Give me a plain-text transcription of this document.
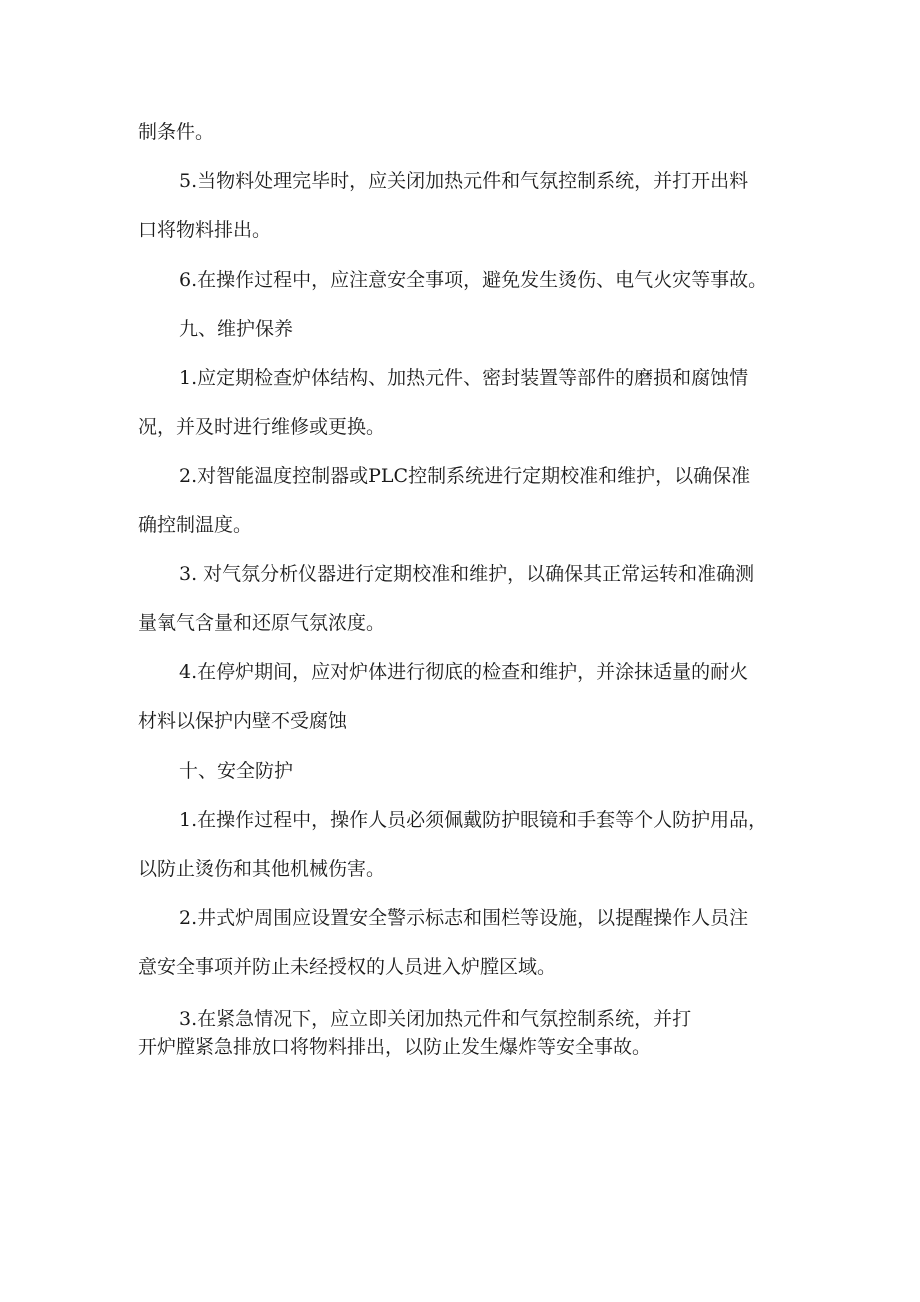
制条件。
5.当物料处理完毕时，应关闭加热元件和气氛控制系统，并打开出料
口将物料排出。
6.在操作过程中，应注意安全事项，避免发生烫伤、电气火灾等事故。
九、维护保养
1.应定期检查炉体结构、加热元件、密封装置等部件的磨损和腐蚀情
况，并及时进行维修或更换。
2.对智能温度控制器或PLC控制系统进行定期校准和维护，以确保准
确控制温度。
3. 对气氛分析仪器进行定期校准和维护，以确保其正常运转和准确测
量氧气含量和还原气氛浓度。
4.在停炉期间，应对炉体进行彻底的检查和维护，并涂抹适量的耐火
材料以保护内壁不受腐蚀
十、安全防护
1.在操作过程中，操作人员必须佩戴防护眼镜和手套等个人防护用品，
以防止烫伤和其他机械伤害。
2.井式炉周围应设置安全警示标志和围栏等设施，以提醒操作人员注
意安全事项并防止未经授权的人员进入炉膛区域。
3.在紧急情况下，应立即关闭加热元件和气氛控制系统，并打
开炉膛紧急排放口将物料排出，以防止发生爆炸等安全事故。
